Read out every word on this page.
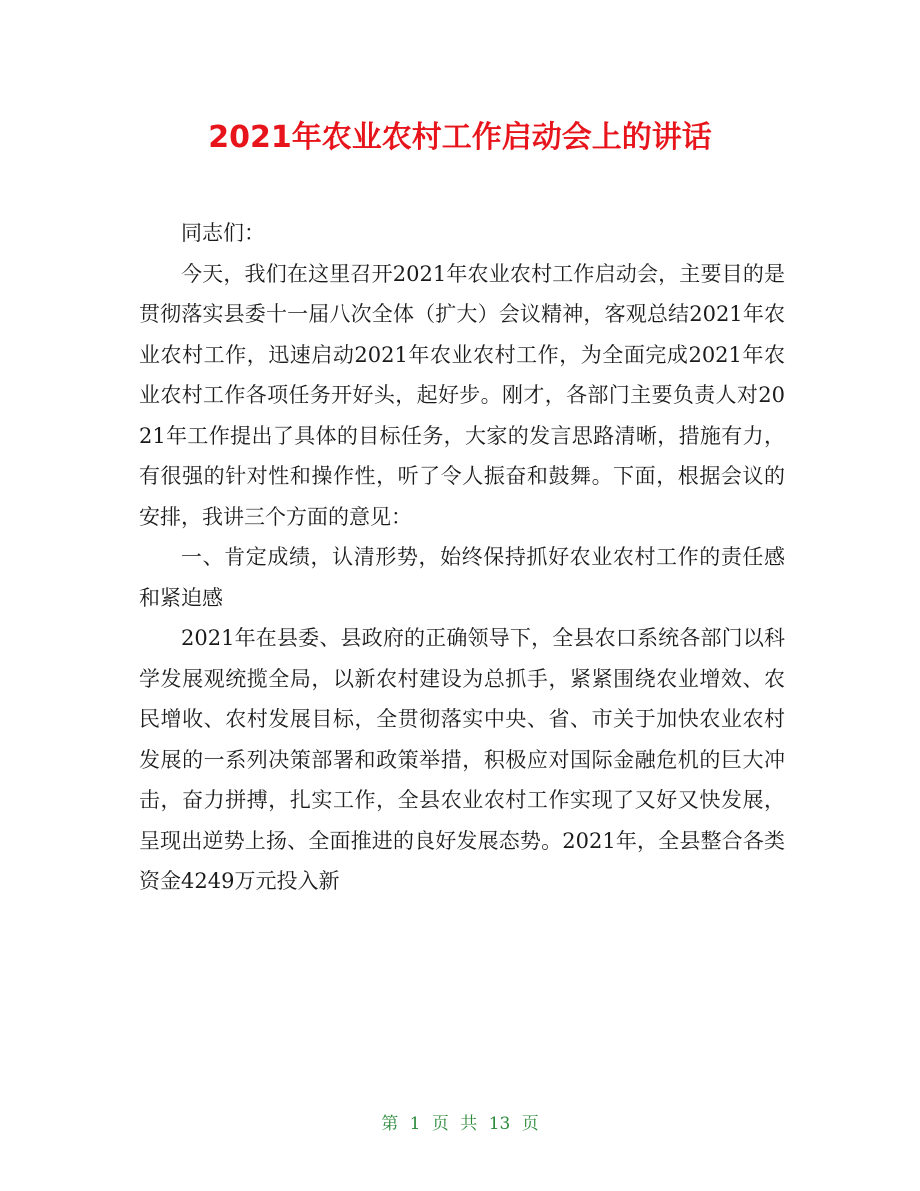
2021年农业农村工作启动会上的讲话

同志们：

今天，我们在这里召开2021年农业农村工作启动会，主要目的是贯彻落实县委十一届八次全体（扩大）会议精神，客观总结2021年农业农村工作，迅速启动2021年农业农村工作，为全面完成2021年农业农村工作各项任务开好头，起好步。刚才，各部门主要负责人对2021年工作提出了具体的目标任务，大家的发言思路清晰，措施有力，有很强的针对性和操作性，听了令人振奋和鼓舞。下面，根据会议的安排，我讲三个方面的意见：

一、肯定成绩，认清形势，始终保持抓好农业农村工作的责任感和紧迫感

2021年在县委、县政府的正确领导下，全县农口系统各部门以科学发展观统揽全局，以新农村建设为总抓手，紧紧围绕农业增效、农民增收、农村发展目标，全贯彻落实中央、省、市关于加快农业农村发展的一系列决策部署和政策举措，积极应对国际金融危机的巨大冲击，奋力拼搏，扎实工作，全县农业农村工作实现了又好又快发展，呈现出逆势上扬、全面推进的良好发展态势。2021年，全县整合各类资金4249万元投入新

第 1 页 共 13 页
